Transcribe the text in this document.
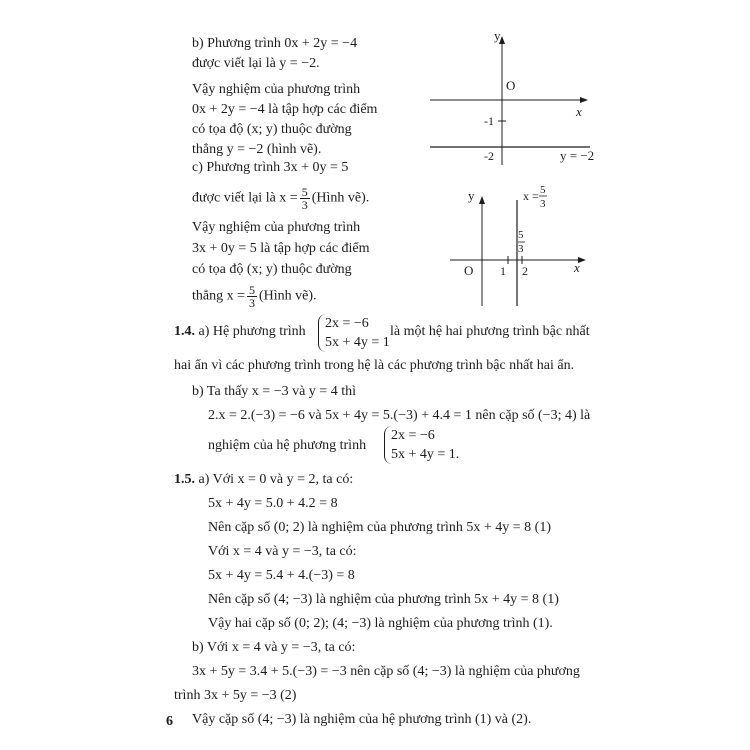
b) Phương trình 0x + 2y = −4
được viết lại là y = −2.
Vậy nghiệm của phương trình
0x + 2y = −4 là tập hợp các điểm
có tọa độ (x; y) thuộc đường
thẳng y = −2 (hình vẽ).
y
O
x
-1
-2	y = −2
c) Phương trình 3x + 0y = 5
được viết lại là $x = \frac{5}{3}$ (Hình vẽ).
Vậy nghiệm của phương trình
3x + 0y = 5 là tập hợp các điểm
có tọa độ (x; y) thuộc đường
thẳng $x = \frac{5}{3}$ (Hình vẽ).
y
O 1 2	x
5
3
x = 5
3
1.4. a) Hệ phương trình
2x = −6
5x + 4y = 1
là một hệ hai phương trình bậc nhất
hai ẩn vì các phương trình trong hệ là các phương trình bậc nhất hai ẩn.
b) Ta thấy x = −3 và y = 4 thì
2.x = 2.(−3) = −6 và 5x + 4y = 5.(−3) + 4.4 = 1 nên cặp số (−3; 4) là
nghiệm của hệ phương trình
2x = −6
5x + 4y = 1.
1.5. a) Với x = 0 và y = 2, ta có:
5x + 4y = 5.0 + 4.2 = 8
Nên cặp số (0; 2) là nghiệm của phương trình 5x + 4y = 8 (1)
Với x = 4 và y = −3, ta có:
5x + 4y = 5.4 + 4.(−3) = 8
Nên cặp số (4; −3) là nghiệm của phương trình 5x + 4y = 8 (1)
Vậy hai cặp số (0; 2); (4; −3) là nghiệm của phương trình (1).
b) Với x = 4 và y = −3, ta có:
3x + 5y = 3.4 + 5.(−3) = −3 nên cặp số (4; −3) là nghiệm của phương
trình 3x + 5y = −3 (2)
Vậy cặp số (4; −3) là nghiệm của hệ phương trình (1) và (2).
6
